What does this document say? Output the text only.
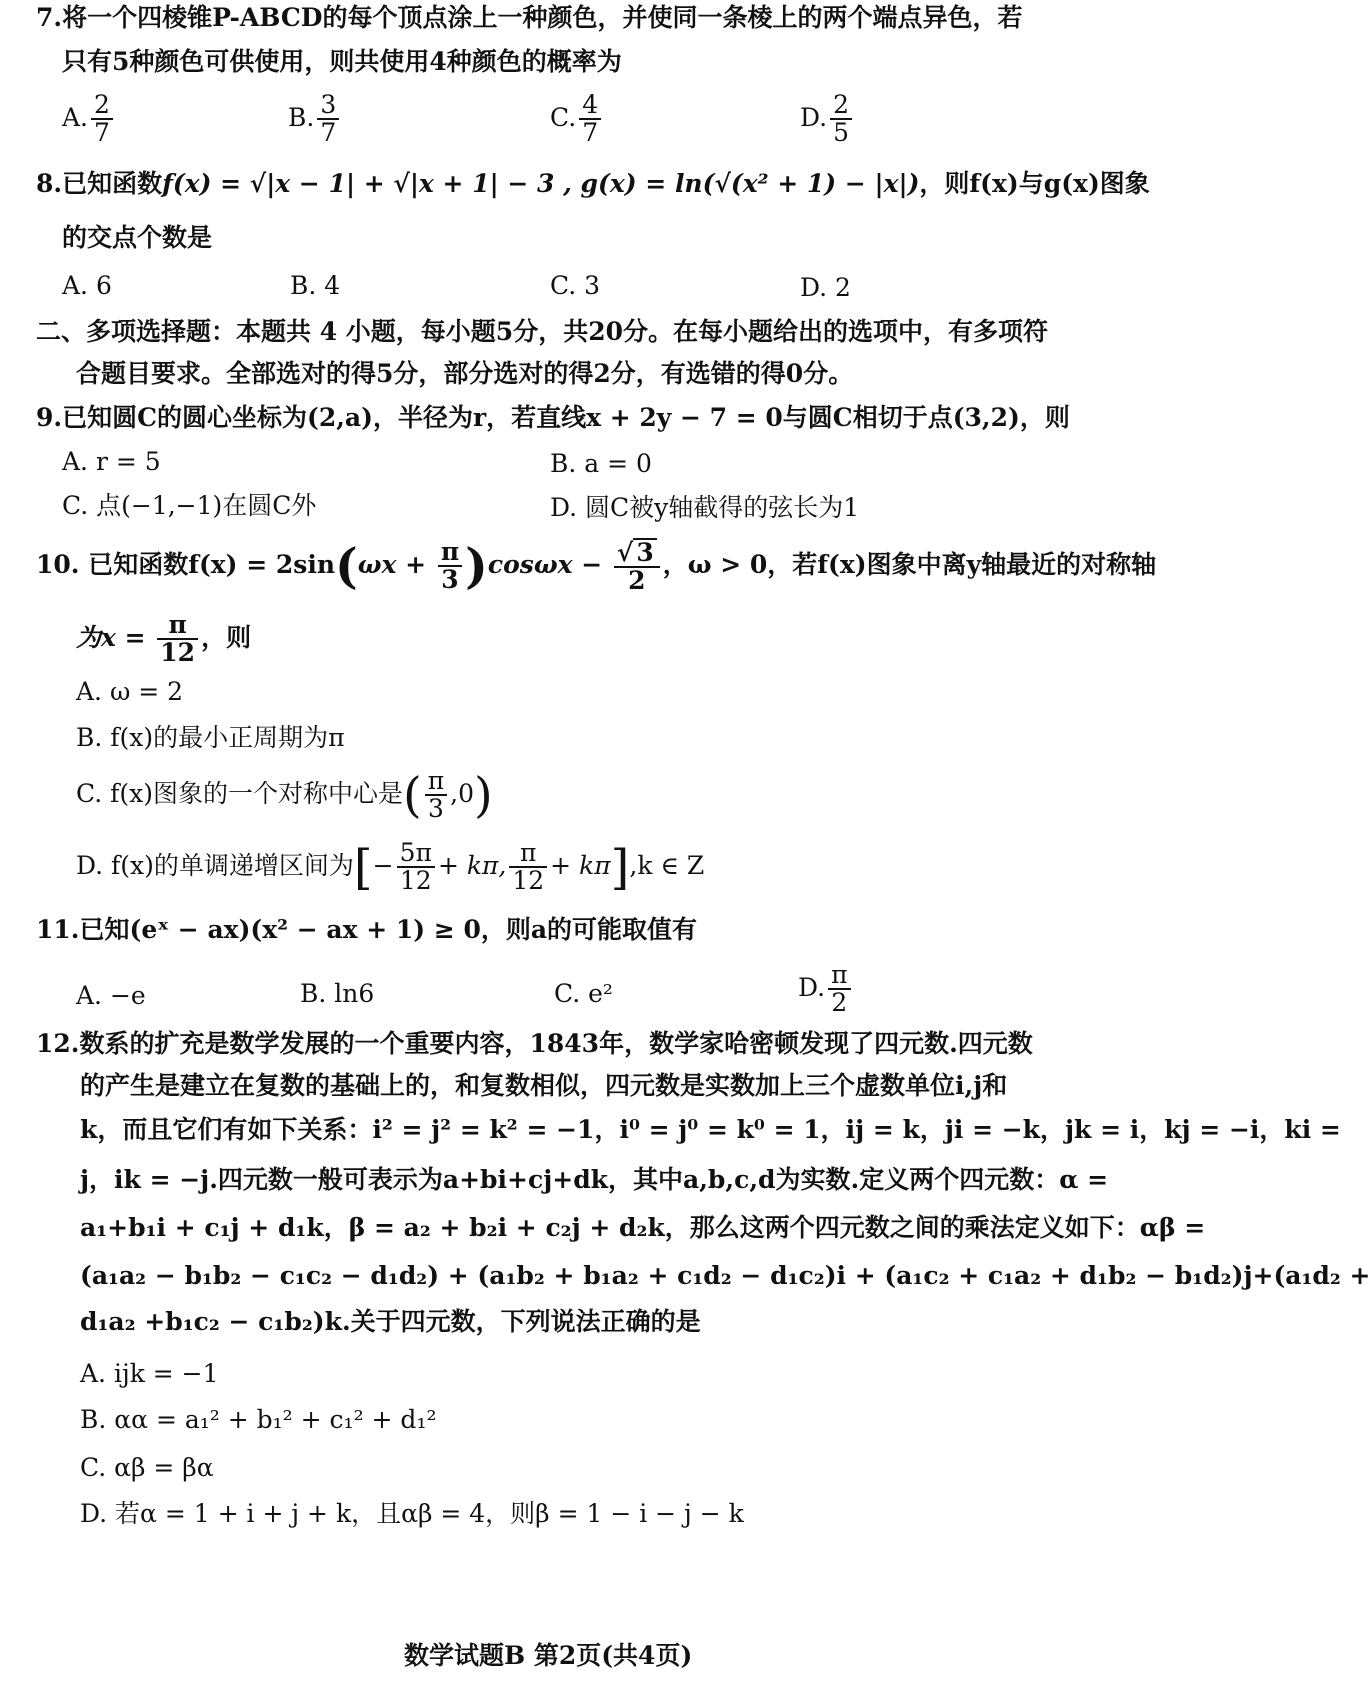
7.将一个四棱锥P-ABCD的每个顶点涂上一种颜色，并使同一条棱上的两个端点异色，若
只有5种颜色可供使用，则共使用4种颜色的概率为
A. $\frac{2}{7}$	B. $\frac{3}{7}$	C. $\frac{4}{7}$	D. $\frac{2}{5}$
8.已知函数f(x) = √|x − 1| + √|x + 1| − 3 , g(x) = ln(√(x² + 1) − |x|)，则f(x)与g(x)图象
的交点个数是
A. 6	B. 4	C. 3	D. 2
二、多项选择题：本题共 4 小题，每小题5分，共20分。在每小题给出的选项中，有多项符
合题目要求。全部选对的得5分，部分选对的得2分，有选错的得0分。
9.已知圆C的圆心坐标为(2,a)，半径为r，若直线x + 2y − 7 = 0与圆C相切于点(3,2)，则
A. r = 5	B. a = 0
C. 点(−1,−1)在圆C外	D. 圆C被y轴截得的弦长为1
10. 已知函数$f(x) = 2\sin(\omega x + \frac{\pi}{3} )\cos\omega x - \frac{√ 3}{2}$ ，ω > 0，若f(x)图象中离y轴最近的对称轴
为$x = \frac{\pi}{12}$ ，则
A. ω = 2
B. f(x)的最小正周期为π
C. f(x)图象的一个对称中心是( $\frac{\pi}{3} ,0$)
D. f(x)的单调递增区间为[− $\frac{5\pi}{12} + k\pi$, $\frac{\pi}{12} + k\pi],k$ ∈ Z
11.已知(eˣ − ax)(x² − ax + 1) ≥ 0，则a的可能取值有
A. −e	B. ln6	C. e²	D. $\frac{\pi}{2}$
12.数系的扩充是数学发展的一个重要内容，1843年，数学家哈密顿发现了四元数.四元数
的产生是建立在复数的基础上的，和复数相似，四元数是实数加上三个虚数单位i,j和
k，而且它们有如下关系：i² = j² = k² = −1，i⁰ = j⁰ = k⁰ = 1，ij = k，ji = −k，jk = i，kj = −i，ki =
j，ik = −j.四元数一般可表示为a+bi+cj+dk，其中a,b,c,d为实数.定义两个四元数：α =
a₁+b₁i + c₁j + d₁k，β = a₂ + b₂i + c₂j + d₂k，那么这两个四元数之间的乘法定义如下：αβ =
(a₁a₂ − b₁b₂ − c₁c₂ − d₁d₂) + (a₁b₂ + b₁a₂ + c₁d₂ − d₁c₂)i + (a₁c₂ + c₁a₂ + d₁b₂ − b₁d₂)j+(a₁d₂ +
d₁a₂ +b₁c₂ − c₁b₂)k.关于四元数，下列说法正确的是
A. ijk = −1
B. αα = a₁² + b₁² + c₁² + d₁²
C. αβ = βα
D. 若α = 1 + i + j + k，且αβ = 4，则β = 1 − i − j − k
数学试题B 第2页(共4页)
